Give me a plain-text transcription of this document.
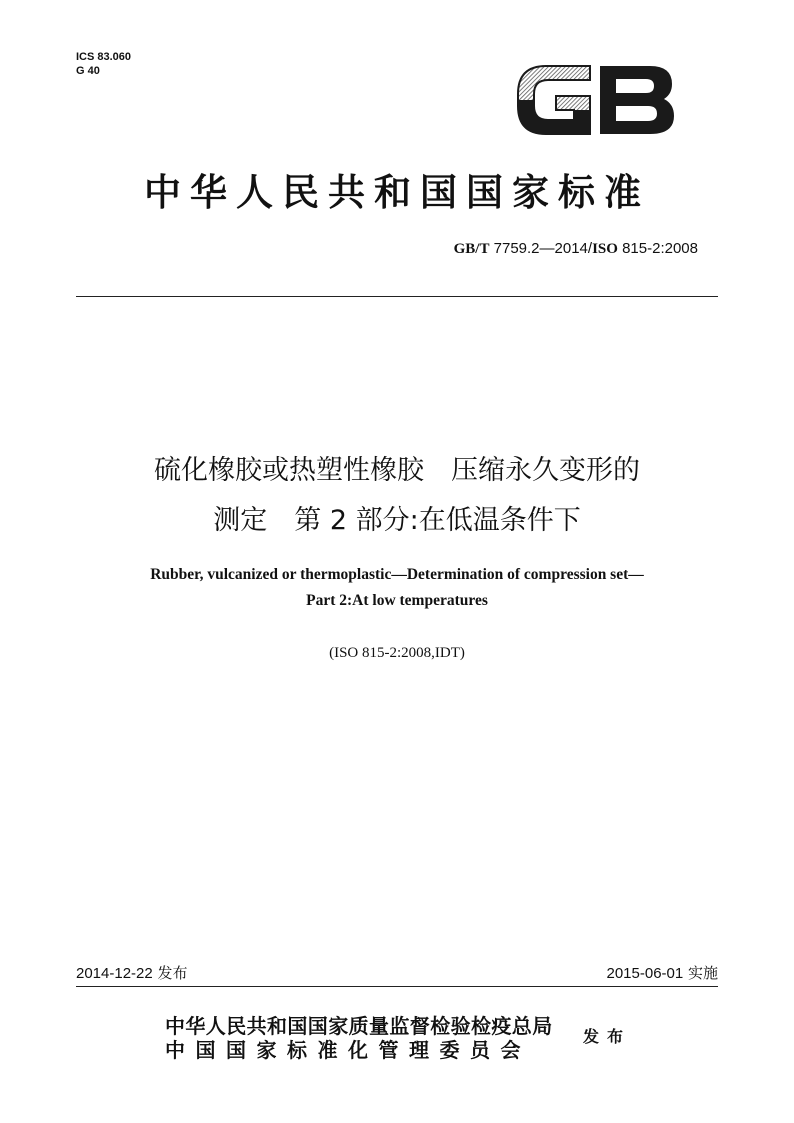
ICS 83.060
G 40
中华人民共和国国家标准
GB/T 7759.2—2014/ISO 815-2:2008
硫化橡胶或热塑性橡胶　压缩永久变形的
测定　第 2 部分:在低温条件下
Rubber, vulcanized or thermoplastic—Determination of compression set—
Part 2:At low temperatures
(ISO 815-2:2008,IDT)
2014-12-22 发布	2015-06-01 实施
中华人民共和国国家质量监督检验检疫总局
中国国家标准化管理委员会
发布
